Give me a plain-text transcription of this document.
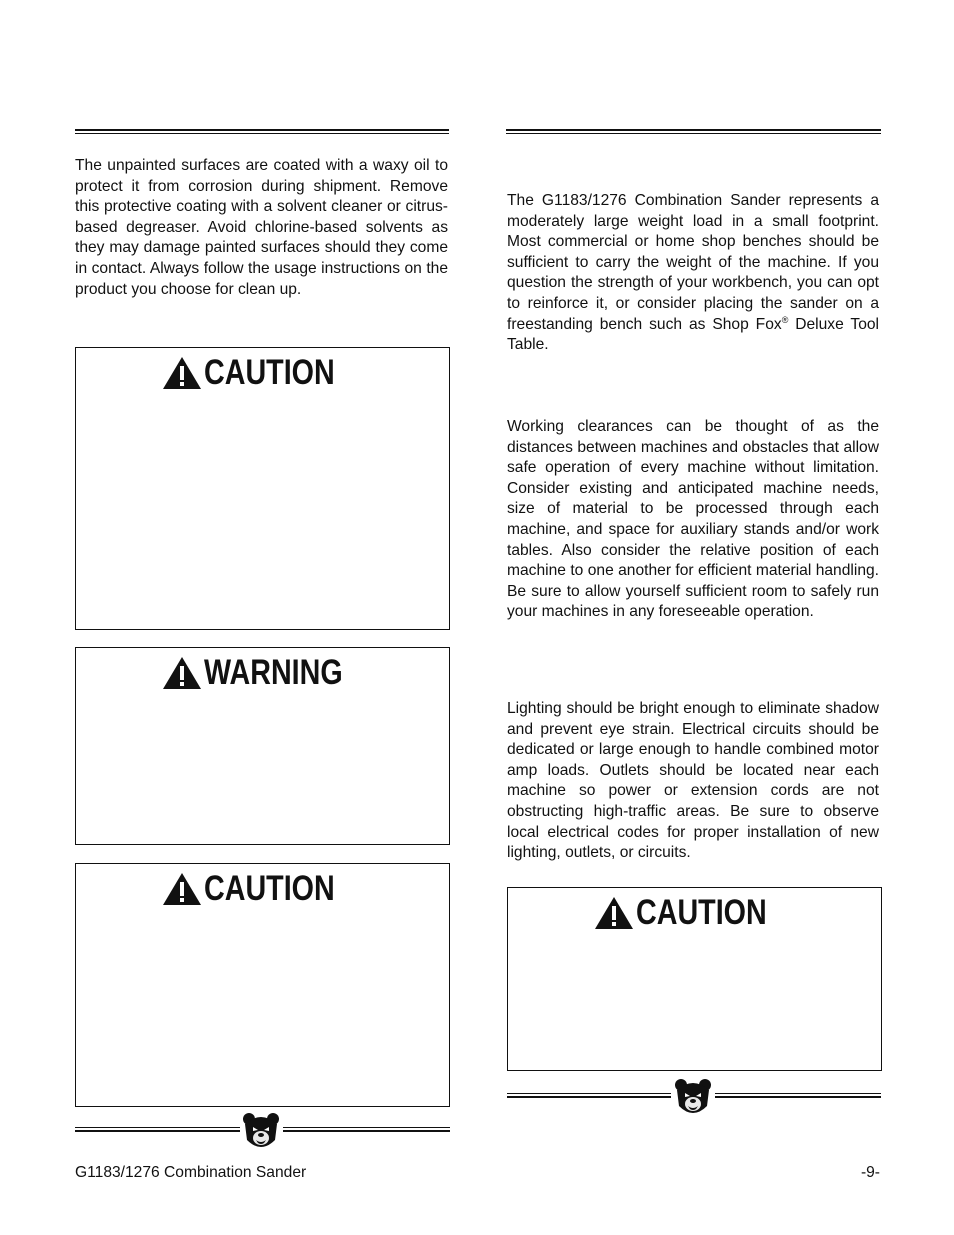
The unpainted surfaces are coated with a waxy oil to protect it from corrosion during shipment. Remove this protective coating with a solvent cleaner or citrus-based degreaser. Avoid chlorine-based solvents as they may damage painted surfaces should they come in contact. Always follow the usage instructions on the product you choose for clean up.

CAUTION
WARNING
CAUTION

The G1183/1276 Combination Sander represents a moderately large weight load in a small footprint. Most commercial or home shop benches should be sufficient to carry the weight of the machine. If you question the strength of your workbench, you can opt to reinforce it, or consider placing the sander on a freestanding bench such as Shop Fox® Deluxe Tool Table.

Working clearances can be thought of as the distances between machines and obstacles that allow safe operation of every machine without limitation. Consider existing and anticipated machine needs, size of material to be processed through each machine, and space for auxiliary stands and/or work tables. Also consider the relative position of each machine to one another for efficient material handling. Be sure to allow yourself sufficient room to safely run your machines in any foreseeable operation.

Lighting should be bright enough to eliminate shadow and prevent eye strain. Electrical circuits should be dedicated or large enough to handle combined motor amp loads. Outlets should be located near each machine so power or extension cords are not obstructing high-traffic areas. Be sure to observe local electrical codes for proper installation of new lighting, outlets, or circuits.

CAUTION
G1183/1276 Combination Sander	-9-
